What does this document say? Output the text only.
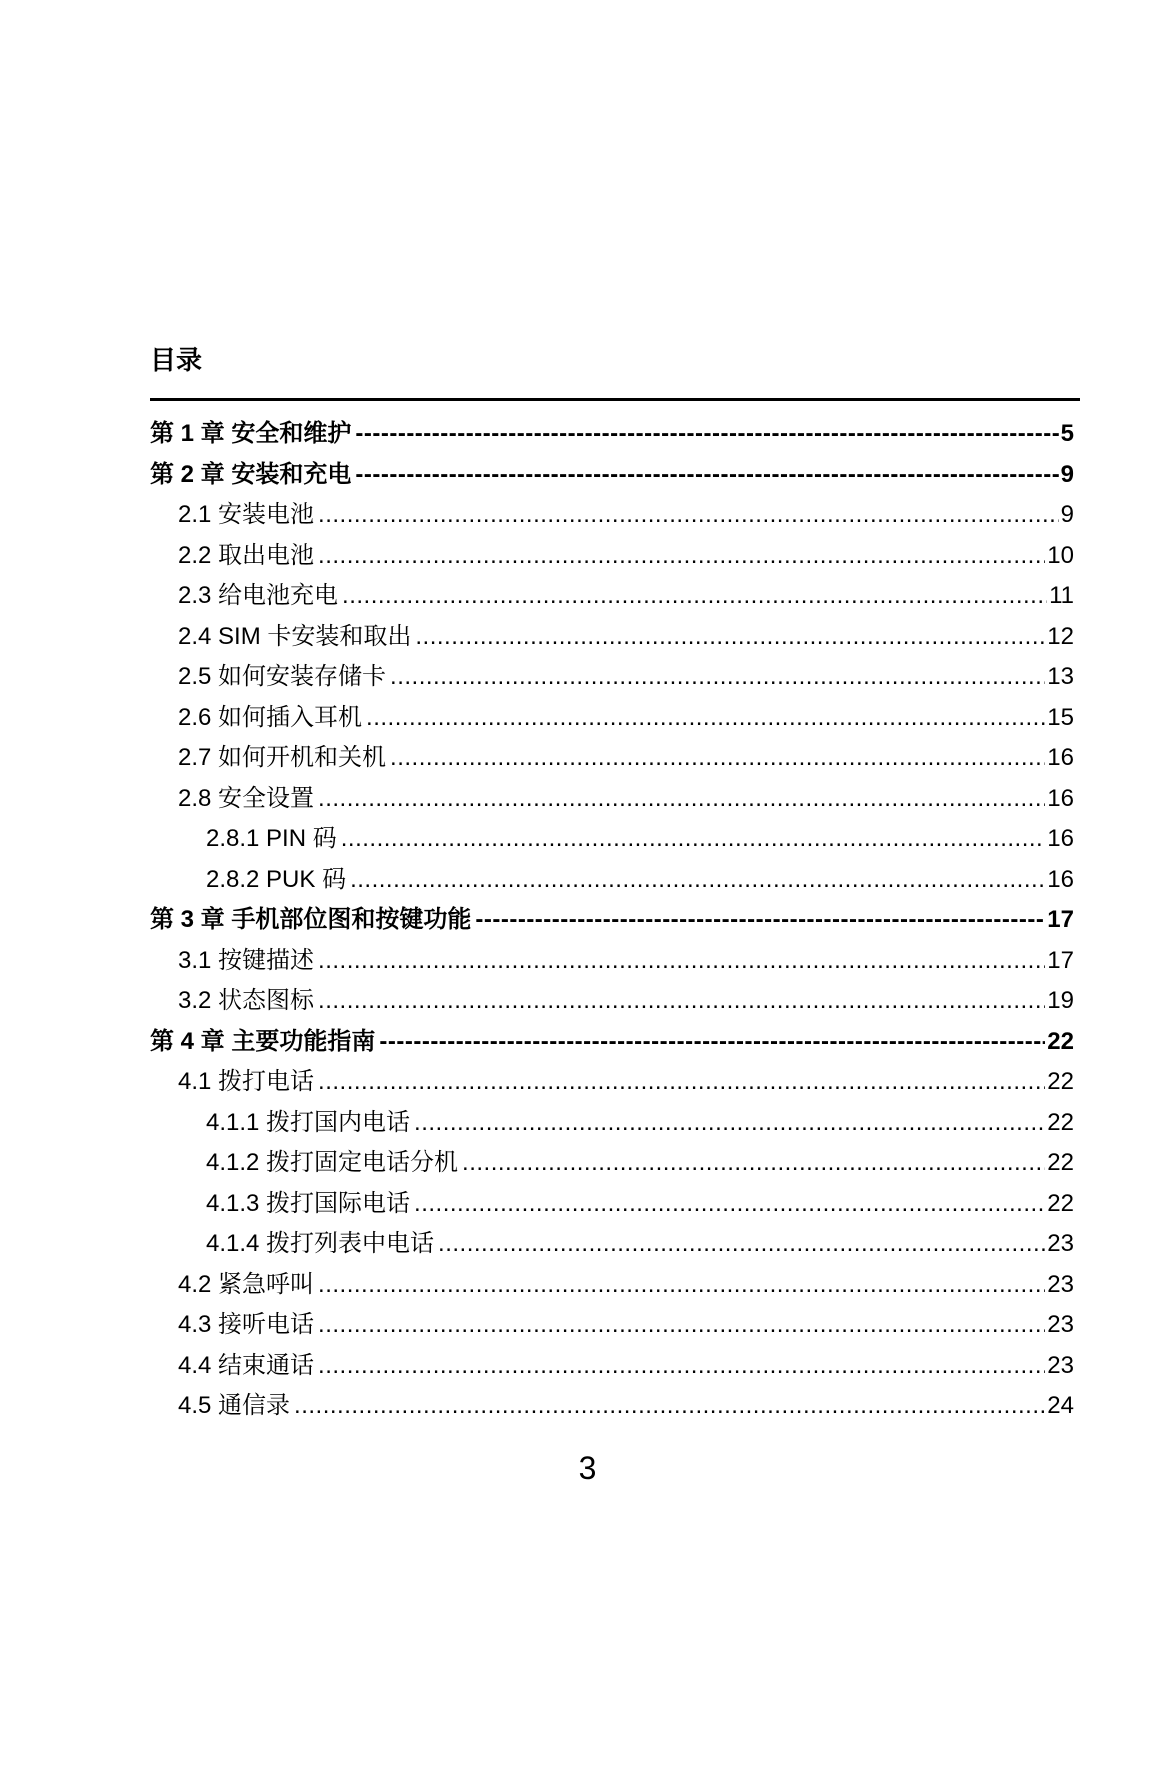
目录
第 1 章 安全和维护 -----	5
第 2 章 安装和充电 -----	9
2.1 安装电池 .....	9
2.2 取出电池 .....	10
2.3 给电池充电 .....	11
2.4 SIM 卡安装和取出 .....	12
2.5 如何安装存储卡 .....	13
2.6 如何插入耳机 .....	15
2.7 如何开机和关机 .....	16
2.8 安全设置 .....	16
2.8.1 PIN 码 .....	16
2.8.2 PUK 码 .....	16
第 3 章 手机部位图和按键功能 -----	17
3.1 按键描述 .....	17
3.2 状态图标 .....	19
第 4 章 主要功能指南 -----	22
4.1 拨打电话 .....	22
4.1.1 拨打国内电话 .....	22
4.1.2 拨打固定电话分机 .....	22
4.1.3 拨打国际电话 .....	22
4.1.4 拨打列表中电话 .....	23
4.2 紧急呼叫 .....	23
4.3 接听电话 .....	23
4.4 结束通话 .....	23
4.5 通信录 .....	24
3
